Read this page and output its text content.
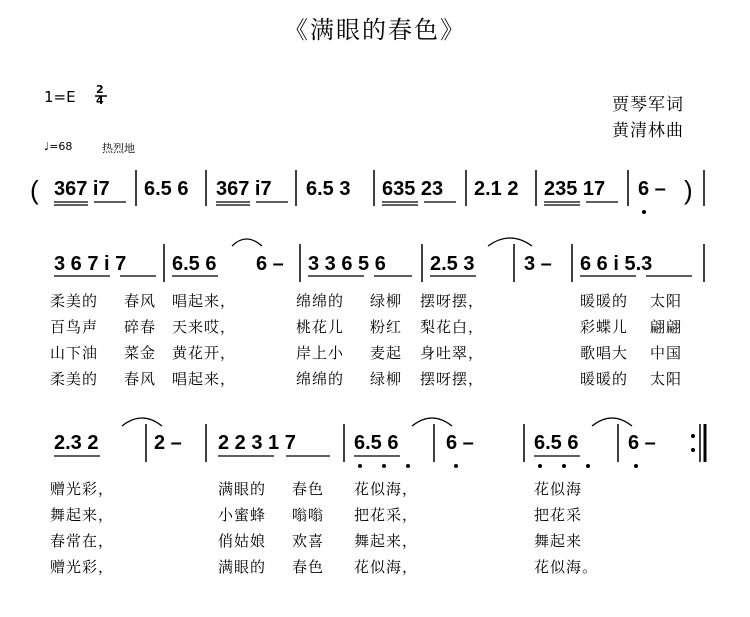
《满眼的春色》
1=E 2
4	贾琴军词
黄清林曲
♩=68	热烈地
( 367 i7 6.5 6 367 i7 6.5 3 635 23 2.1 2 235 17 6 – )
3 6 7 i 7 6.5 6 6 – 3 3 6 5 6 2.5 3 3 – 6 6 i 5.3
柔美的 春风 唱起来，	绵绵的 绿柳 摆呀摆，	暖暖的 太阳
百鸟声 碎春 天来哎，	桃花儿 粉红 梨花白，	彩蝶儿 翩翩
山下油 菜金 黄花开，	岸上小 麦起 身吐翠，	歌唱大 中国
柔美的 春风 唱起来，	绵绵的 绿柳 摆呀摆，	暖暖的 太阳
2.3 2	2 – 2 2 3 1 7	6.5 6 6 –	6.5 6 6 –
赠光彩，	满眼的 春色 花似海，	花似海
舞起来，	小蜜蜂 嗡嗡 把花采，	把花采
春常在，	俏姑娘 欢喜 舞起来，	舞起来
赠光彩，	满眼的 春色 花似海，	花似海。
